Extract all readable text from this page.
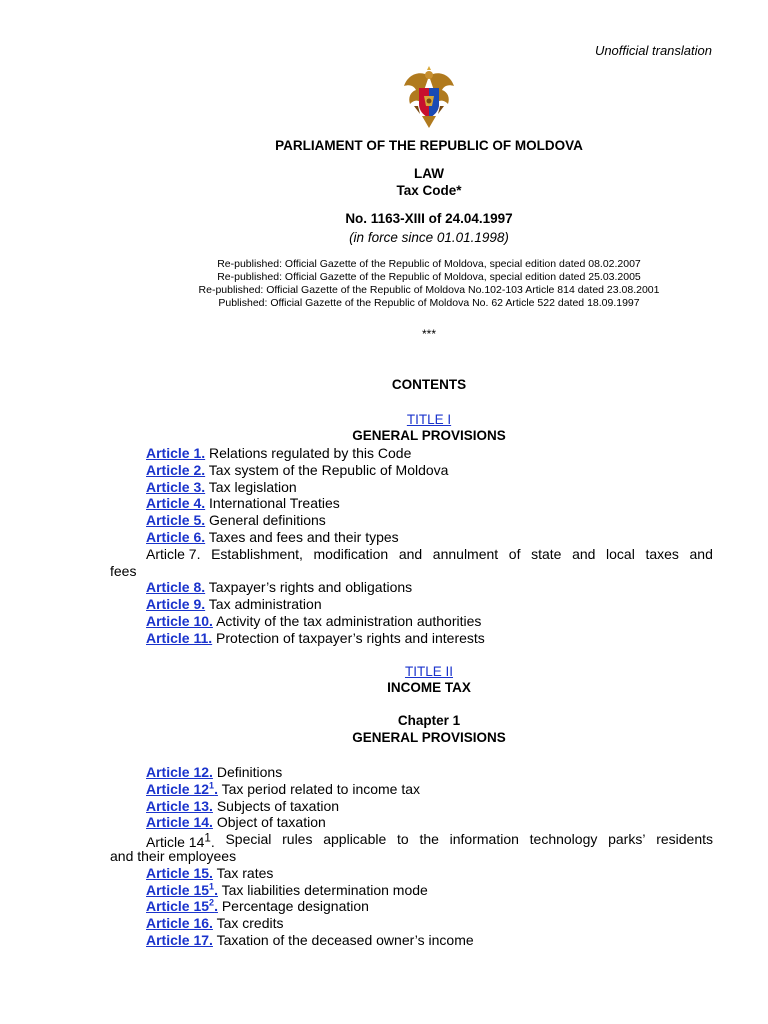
Unofficial translation
PARLIAMENT OF THE REPUBLIC OF MOLDOVA
LAW
Tax Code*
No. 1163-XIII of 24.04.1997
(in force since 01.01.1998)
Re-published: Official Gazette of the Republic of Moldova, special edition dated 08.02.2007
Re-published: Official Gazette of the Republic of Moldova, special edition dated 25.03.2005
Re-published: Official Gazette of the Republic of Moldova No.102-103 Article 814 dated 23.08.2001
Published: Official Gazette of the Republic of Moldova No. 62 Article 522 dated 18.09.1997
***
CONTENTS
TITLE I
GENERAL PROVISIONS
TITLE II
INCOME TAX
Chapter 1
GENERAL PROVISIONS
Article 1. Relations regulated by this Code
Article 2. Tax system of the Republic of Moldova
Article 3. Tax legislation
Article 4. International Treaties
Article 5. General definitions
Article 6. Taxes and fees and their types
Article 7. Establishment, modification and annulment of state and local taxes and
fees
Article 8. Taxpayer’s rights and obligations
Article 9. Tax administration
Article 10. Activity of the tax administration authorities
Article 11. Protection of taxpayer’s rights and interests
Article 12. Definitions
Article $12^1$. Tax period related to income tax
Article 13. Subjects of taxation
Article 14. Object of taxation
Article $14^1$. Special rules applicable to the information technology parks’ residents
and their employees
Article 15. Tax rates
Article $15^1$. Tax liabilities determination mode
Article $15^2$. Percentage designation
Article 16. Tax credits
Article 17. Taxation of the deceased owner’s income
